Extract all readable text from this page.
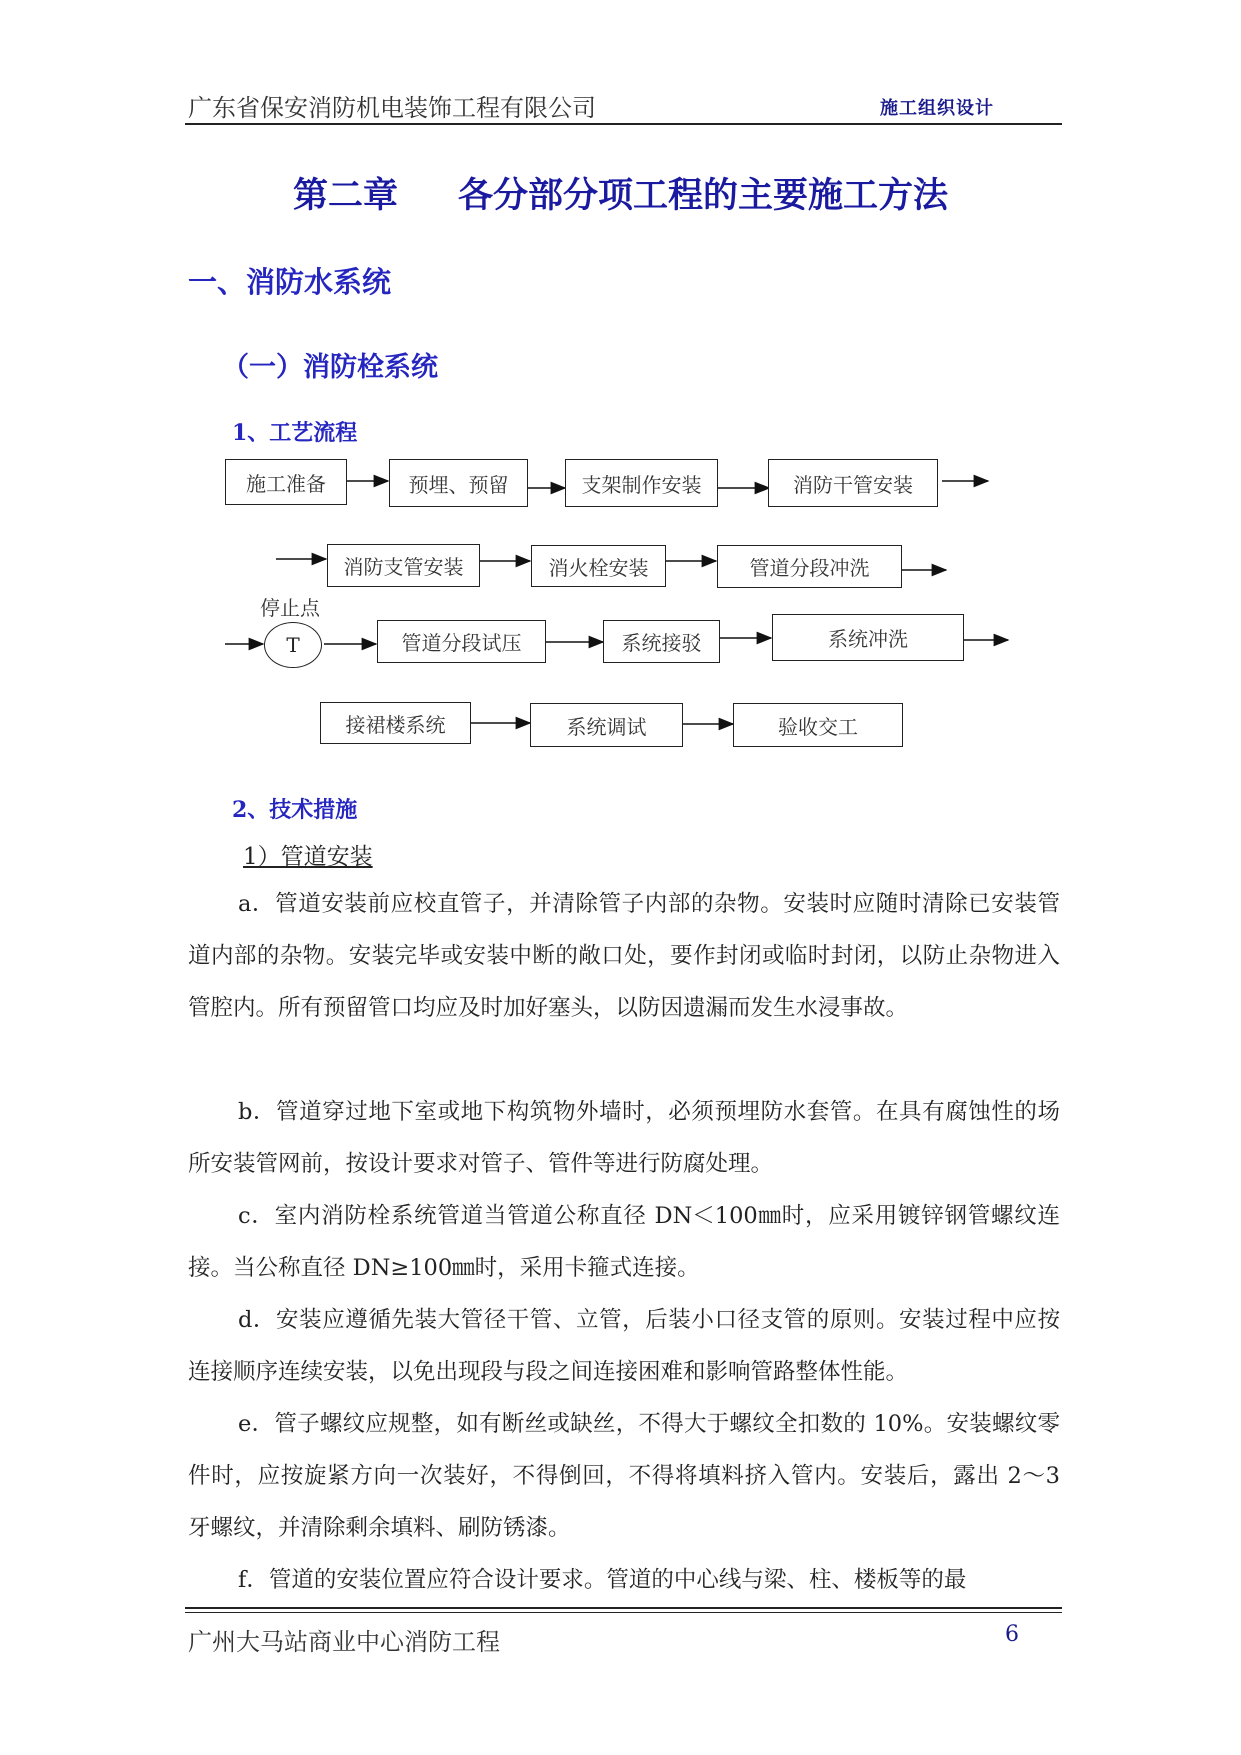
广东省保安消防机电装饰工程有限公司	施工组织设计
第二章 各分部分项工程的主要施工方法
一、消防水系统
（一）消防栓系统
1、工艺流程
施工准备	预埋、预留	支架制作安装	消防干管安装
消防支管安装	消火栓安装	管道分段冲洗
停止点
T	管道分段试压	系统接驳	系统冲洗
接裙楼系统	系统调试	验收交工
2、技术措施
1）管道安装
a．管道安装前应校直管子，并清除管子内部的杂物。安装时应随时清除已安装管道内部的杂物。安装完毕或安装中断的敞口处，要作封闭或临时封闭，以防止杂物进入管腔内。所有预留管口均应及时加好塞头，以防因遗漏而发生水浸事故。
b．管道穿过地下室或地下构筑物外墙时，必须预埋防水套管。在具有腐蚀性的场所安装管网前，按设计要求对管子、管件等进行防腐处理。
c．室内消防栓系统管道当管道公称直径 DN＜100㎜时，应采用镀锌钢管螺纹连接。当公称直径 DN≥100㎜时，采用卡箍式连接。
d．安装应遵循先装大管径干管、立管，后装小口径支管的原则。安装过程中应按连接顺序连续安装，以免出现段与段之间连接困难和影响管路整体性能。
e．管子螺纹应规整，如有断丝或缺丝，不得大于螺纹全扣数的 10%。安装螺纹零件时，应按旋紧方向一次装好，不得倒回，不得将填料挤入管内。安装后，露出 2～3 牙螺纹，并清除剩余填料、刷防锈漆。
f．管道的安装位置应符合设计要求。管道的中心线与梁、柱、楼板等的最
广州大马站商业中心消防工程	6
